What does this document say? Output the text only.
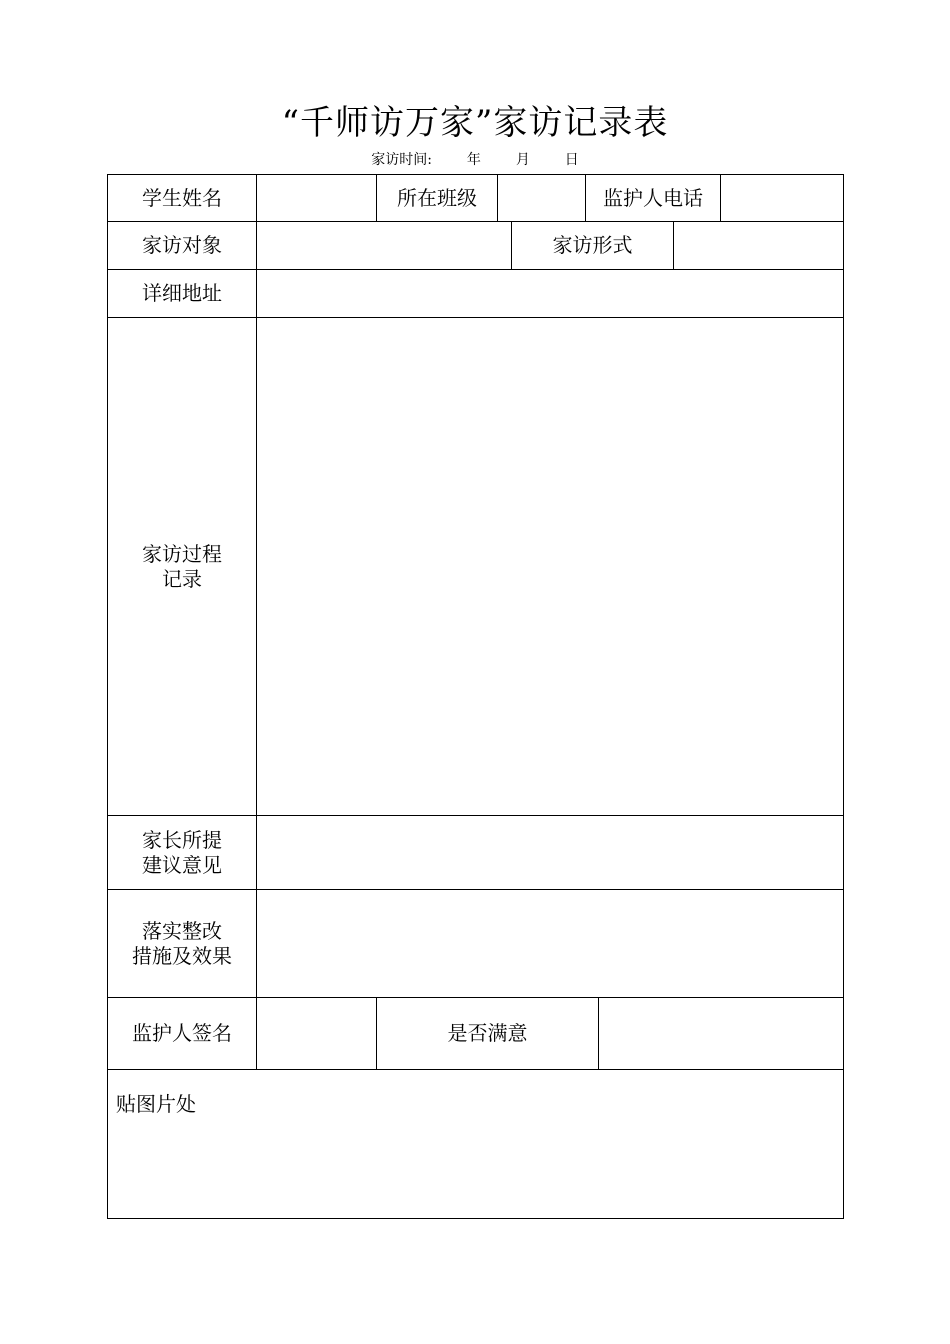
“千师访万家”家访记录表
家访时间: 年 月 日
学生姓名		所在班级			监护人电话			
家访对象				家访形式				
详细地址								
家访过程
记录								
家长所提
建议意见								
落实整改
措施及效果								
监护人签名		是否满意						
贴图片处								
